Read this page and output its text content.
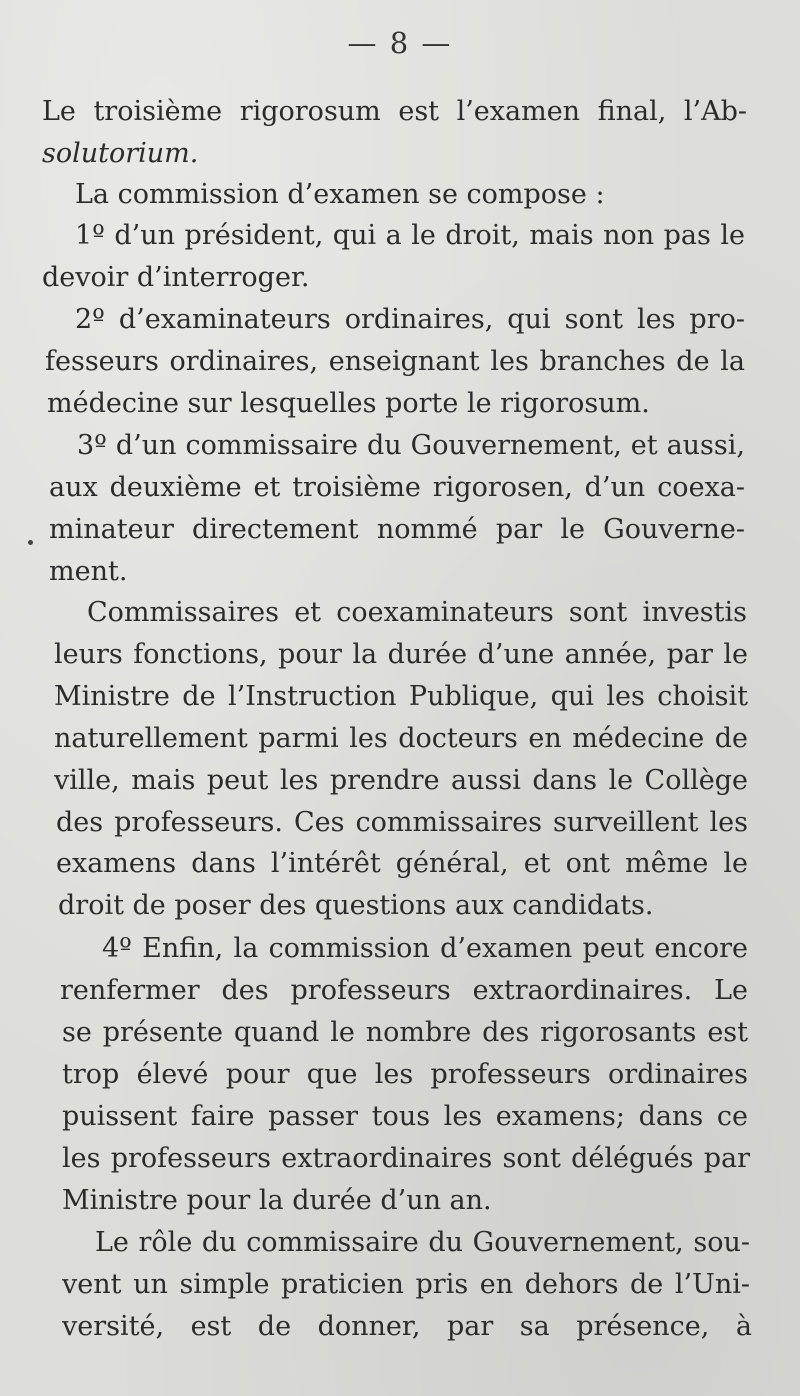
— 8 —
Le troisième rigorosum est l’examen final, l’Ab-
solutorium.
La commission d’examen se compose :
1º d’un président, qui a le droit, mais non pas le
devoir d’interroger.
2º d’examinateurs ordinaires, qui sont les pro-
fesseurs ordinaires, enseignant les branches de la
médecine sur lesquelles porte le rigorosum.
3º d’un commissaire du Gouvernement, et aussi,
aux deuxième et troisième rigorosen, d’un coexa-
minateur directement nommé par le Gouverne-
ment.
Commissaires et coexaminateurs sont investis
leurs fonctions, pour la durée d’une année, par le
Ministre de l’Instruction Publique, qui les choisit
naturellement parmi les docteurs en médecine de
ville, mais peut les prendre aussi dans le Collège
des professeurs. Ces commissaires surveillent les
examens dans l’intérêt général, et ont même le
droit de poser des questions aux candidats.
4º Enfin, la commission d’examen peut encore
renfermer des professeurs extraordinaires. Le
se présente quand le nombre des rigorosants est
trop élevé pour que les professeurs ordinaires
puissent faire passer tous les examens; dans ce
les professeurs extraordinaires sont délégués par
Ministre pour la durée d’un an.
Le rôle du commissaire du Gouvernement, sou-
vent un simple praticien pris en dehors de l’Uni-
versité, est de donner, par sa présence, à
